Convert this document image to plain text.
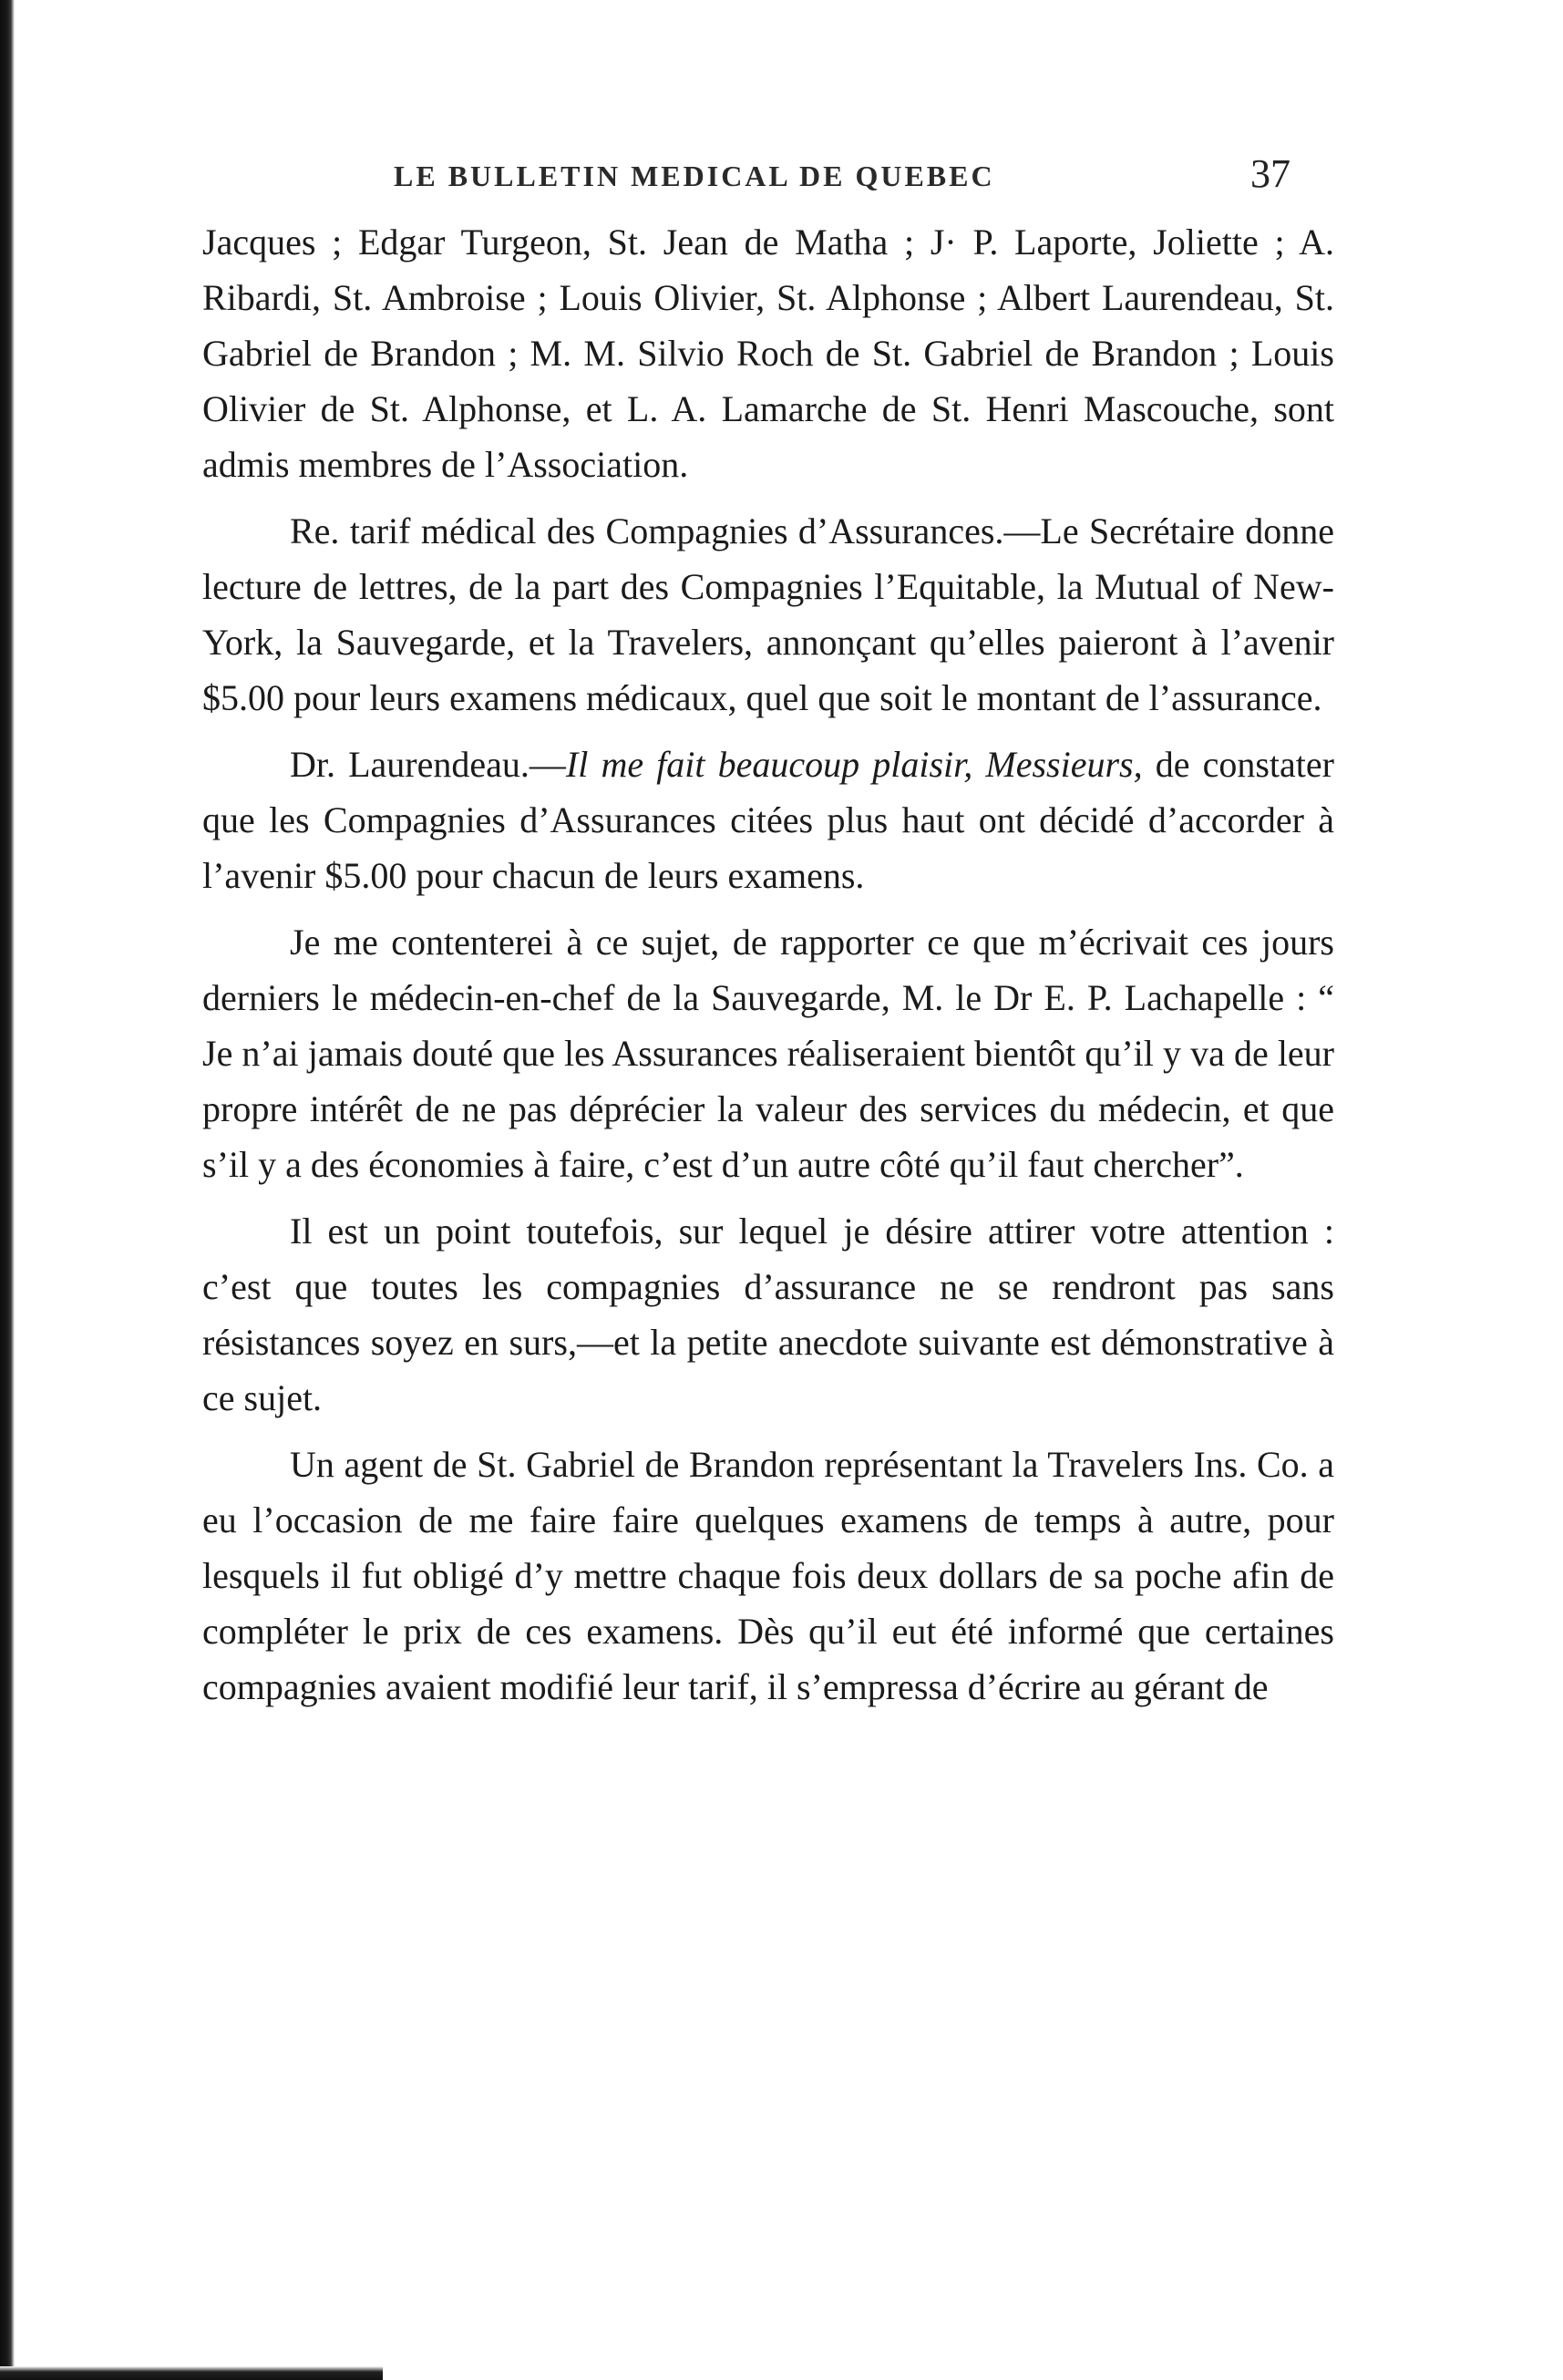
LE BULLETIN MEDICAL DE QUEBEC	37

Jacques ; Edgar Turgeon, St. Jean de Matha ; J· P. Laporte, Joliette ; A. Ribardi, St. Ambroise ; Louis Olivier, St. Alphonse ; Albert Laurendeau, St. Gabriel de Brandon ; M. M. Silvio Roch de St. Gabriel de Brandon ; Louis Olivier de St. Alphonse, et L. A. Lamarche de St. Henri Mascouche, sont admis membres de l’Association.

Re. tarif médical des Compagnies d’Assurances.—Le Secrétaire donne lecture de lettres, de la part des Compagnies l’Equitable, la Mutual of New-York, la Sauvegarde, et la Travelers, annonçant qu’elles paieront à l’avenir $5.00 pour leurs examens médicaux, quel que soit le montant de l’assurance.

Dr. Laurendeau.—Il me fait beaucoup plaisir, Messieurs, de constater que les Compagnies d’Assurances citées plus haut ont décidé d’accorder à l’avenir $5.00 pour chacun de leurs examens.

Je me contenterei à ce sujet, de rapporter ce que m’écrivait ces jours derniers le médecin-en-chef de la Sauvegarde, M. le Dr E. P. Lachapelle : “ Je n’ai jamais douté que les Assurances réaliseraient bientôt qu’il y va de leur propre intérêt de ne pas déprécier la valeur des services du médecin, et que s’il y a des économies à faire, c’est d’un autre côté qu’il faut chercher”.

Il est un point toutefois, sur lequel je désire attirer votre attention : c’est que toutes les compagnies d’assurance ne se rendront pas sans résistances soyez en surs,—et la petite anecdote suivante est démonstrative à ce sujet.

Un agent de St. Gabriel de Brandon représentant la Travelers Ins. Co. a eu l’occasion de me faire faire quelques examens de temps à autre, pour lesquels il fut obligé d’y mettre chaque fois deux dollars de sa poche afin de compléter le prix de ces examens. Dès qu’il eut été informé que certaines compagnies avaient modifié leur tarif, il s’empressa d’écrire au gérant de
